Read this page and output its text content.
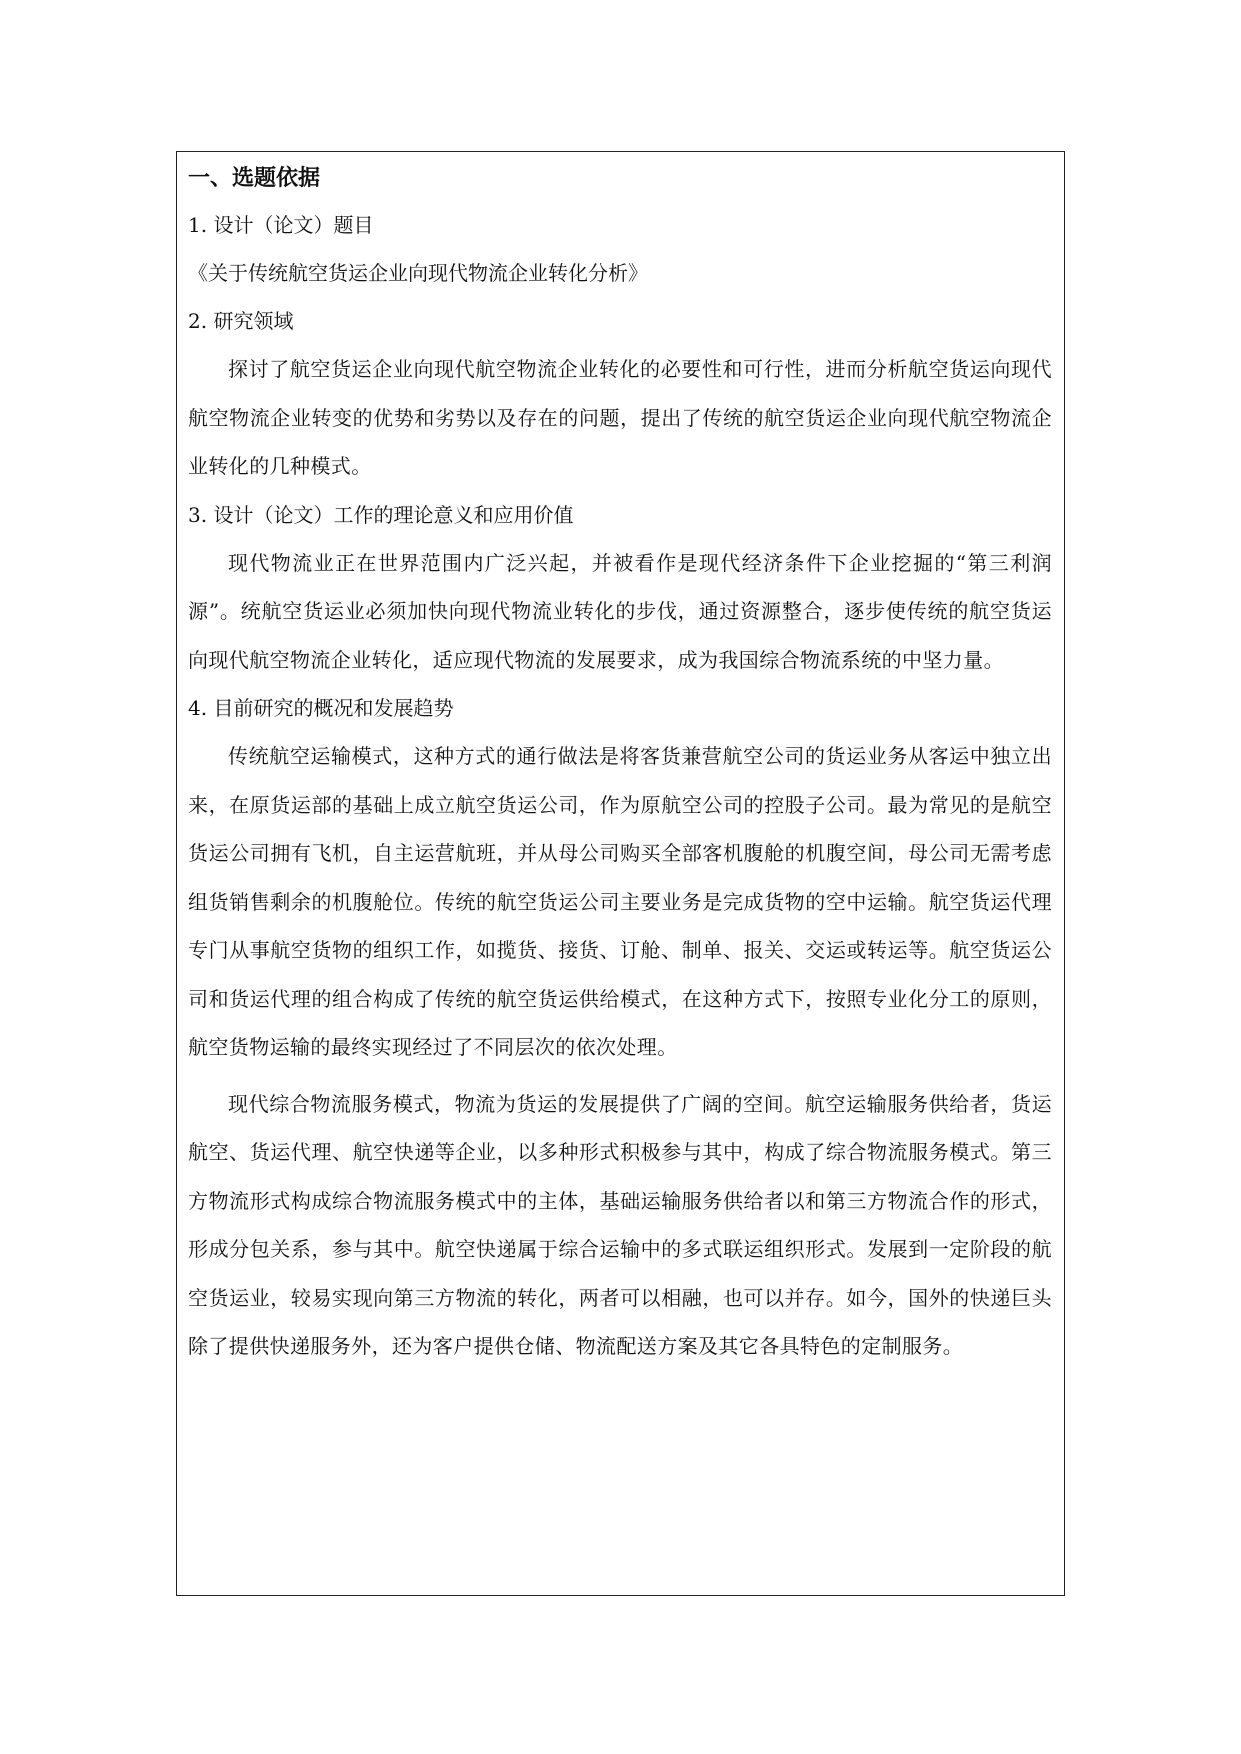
一、选题依据

1. 设计（论文）题目

《关于传统航空货运企业向现代物流企业转化分析》

2. 研究领域

探讨了航空货运企业向现代航空物流企业转化的必要性和可行性，进而分析航空货运向现代航空物流企业转变的优势和劣势以及存在的问题，提出了传统的航空货运企业向现代航空物流企业转化的几种模式。

3. 设计（论文）工作的理论意义和应用价值

现代物流业正在世界范围内广泛兴起，并被看作是现代经济条件下企业挖掘的“第三利润源”。统航空货运业必须加快向现代物流业转化的步伐，通过资源整合，逐步使传统的航空货运向现代航空物流企业转化，适应现代物流的发展要求，成为我国综合物流系统的中坚力量。

4. 目前研究的概况和发展趋势

传统航空运输模式，这种方式的通行做法是将客货兼营航空公司的货运业务从客运中独立出来，在原货运部的基础上成立航空货运公司，作为原航空公司的控股子公司。最为常见的是航空货运公司拥有飞机，自主运营航班，并从母公司购买全部客机腹舱的机腹空间，母公司无需考虑组货销售剩余的机腹舱位。传统的航空货运公司主要业务是完成货物的空中运输。航空货运代理专门从事航空货物的组织工作，如揽货、接货、订舱、制单、报关、交运或转运等。航空货运公司和货运代理的组合构成了传统的航空货运供给模式，在这种方式下，按照专业化分工的原则，航空货物运输的最终实现经过了不同层次的依次处理。

现代综合物流服务模式，物流为货运的发展提供了广阔的空间。航空运输服务供给者，货运航空、货运代理、航空快递等企业，以多种形式积极参与其中，构成了综合物流服务模式。第三方物流形式构成综合物流服务模式中的主体，基础运输服务供给者以和第三方物流合作的形式，形成分包关系，参与其中。航空快递属于综合运输中的多式联运组织形式。发展到一定阶段的航空货运业，较易实现向第三方物流的转化，两者可以相融，也可以并存。如今，国外的快递巨头除了提供快递服务外，还为客户提供仓储、物流配送方案及其它各具特色的定制服务。
